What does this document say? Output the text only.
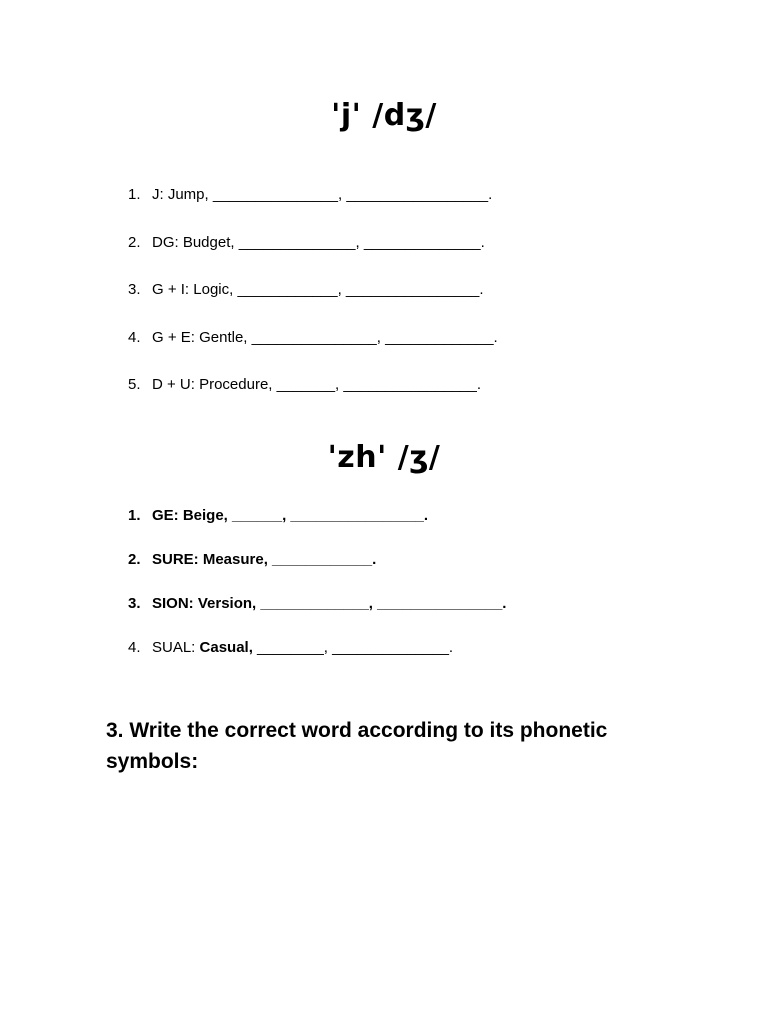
'j' /dʒ/
1. J: Jump, _______________, _________________.
2. DG: Budget, ______________, ______________.
3. G + I: Logic, ____________, ________________.
4. G + E: Gentle, _______________, _____________.
5. D + U: Procedure, _______, ________________.
'zh' /ʒ/
1. GE: Beige, ______, ________________.
2. SURE: Measure, ____________.
3. SION: Version, _____________, _______________.
4. SUAL: Casual, ________, ______________.
3. Write the correct word according to its phonetic symbols:
